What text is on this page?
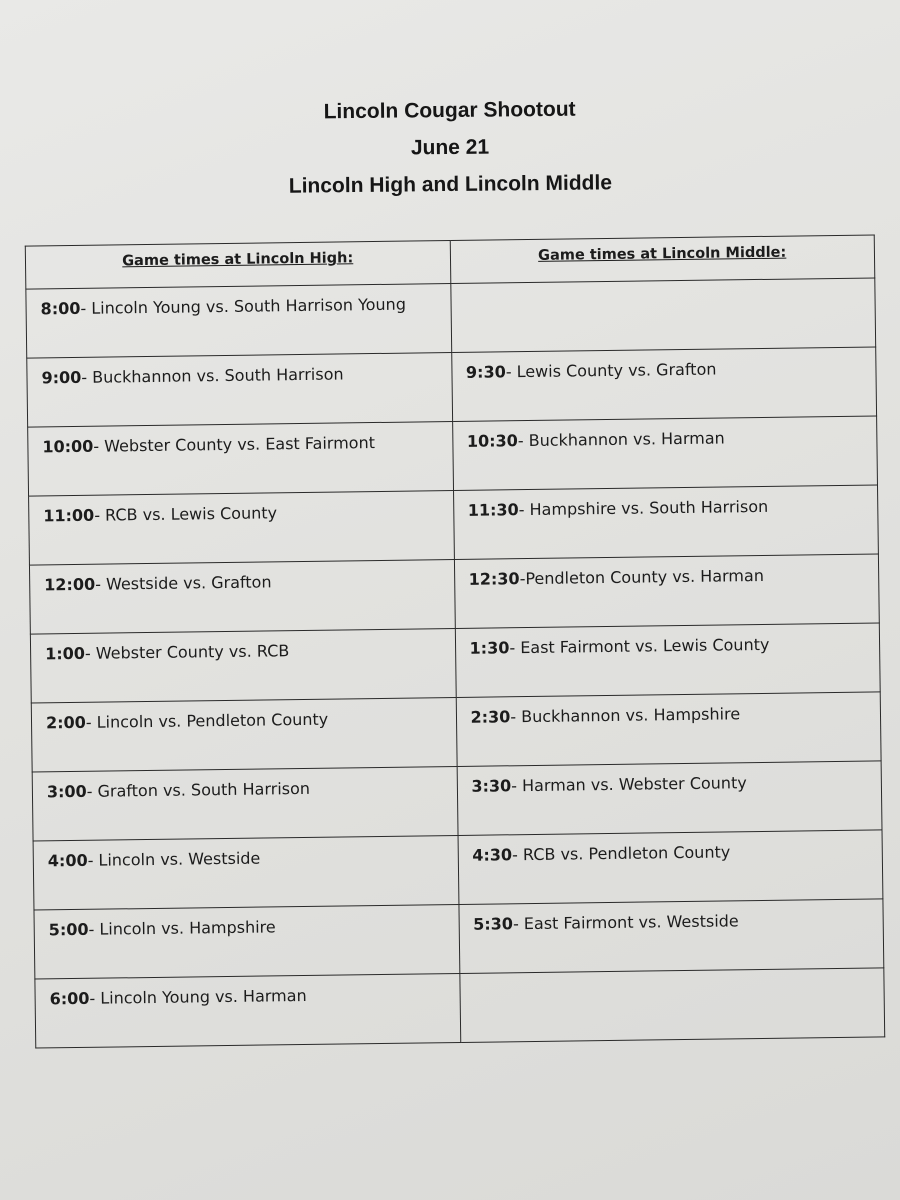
Lincoln Cougar Shootout
June 21
Lincoln High and Lincoln Middle
Game times at Lincoln High:	Game times at Lincoln Middle:
8:00- Lincoln Young vs. South Harrison Young	
9:00- Buckhannon vs. South Harrison	9:30- Lewis County vs. Grafton
10:00- Webster County vs. East Fairmont	10:30- Buckhannon vs. Harman
11:00- RCB vs. Lewis County	11:30- Hampshire vs. South Harrison
12:00- Westside vs. Grafton	12:30-Pendleton County vs. Harman
1:00- Webster County vs. RCB	1:30- East Fairmont vs. Lewis County
2:00- Lincoln vs. Pendleton County	2:30- Buckhannon vs. Hampshire
3:00- Grafton vs. South Harrison	3:30- Harman vs. Webster County
4:00- Lincoln vs. Westside	4:30- RCB vs. Pendleton County
5:00- Lincoln vs. Hampshire	5:30- East Fairmont vs. Westside
6:00- Lincoln Young vs. Harman	
